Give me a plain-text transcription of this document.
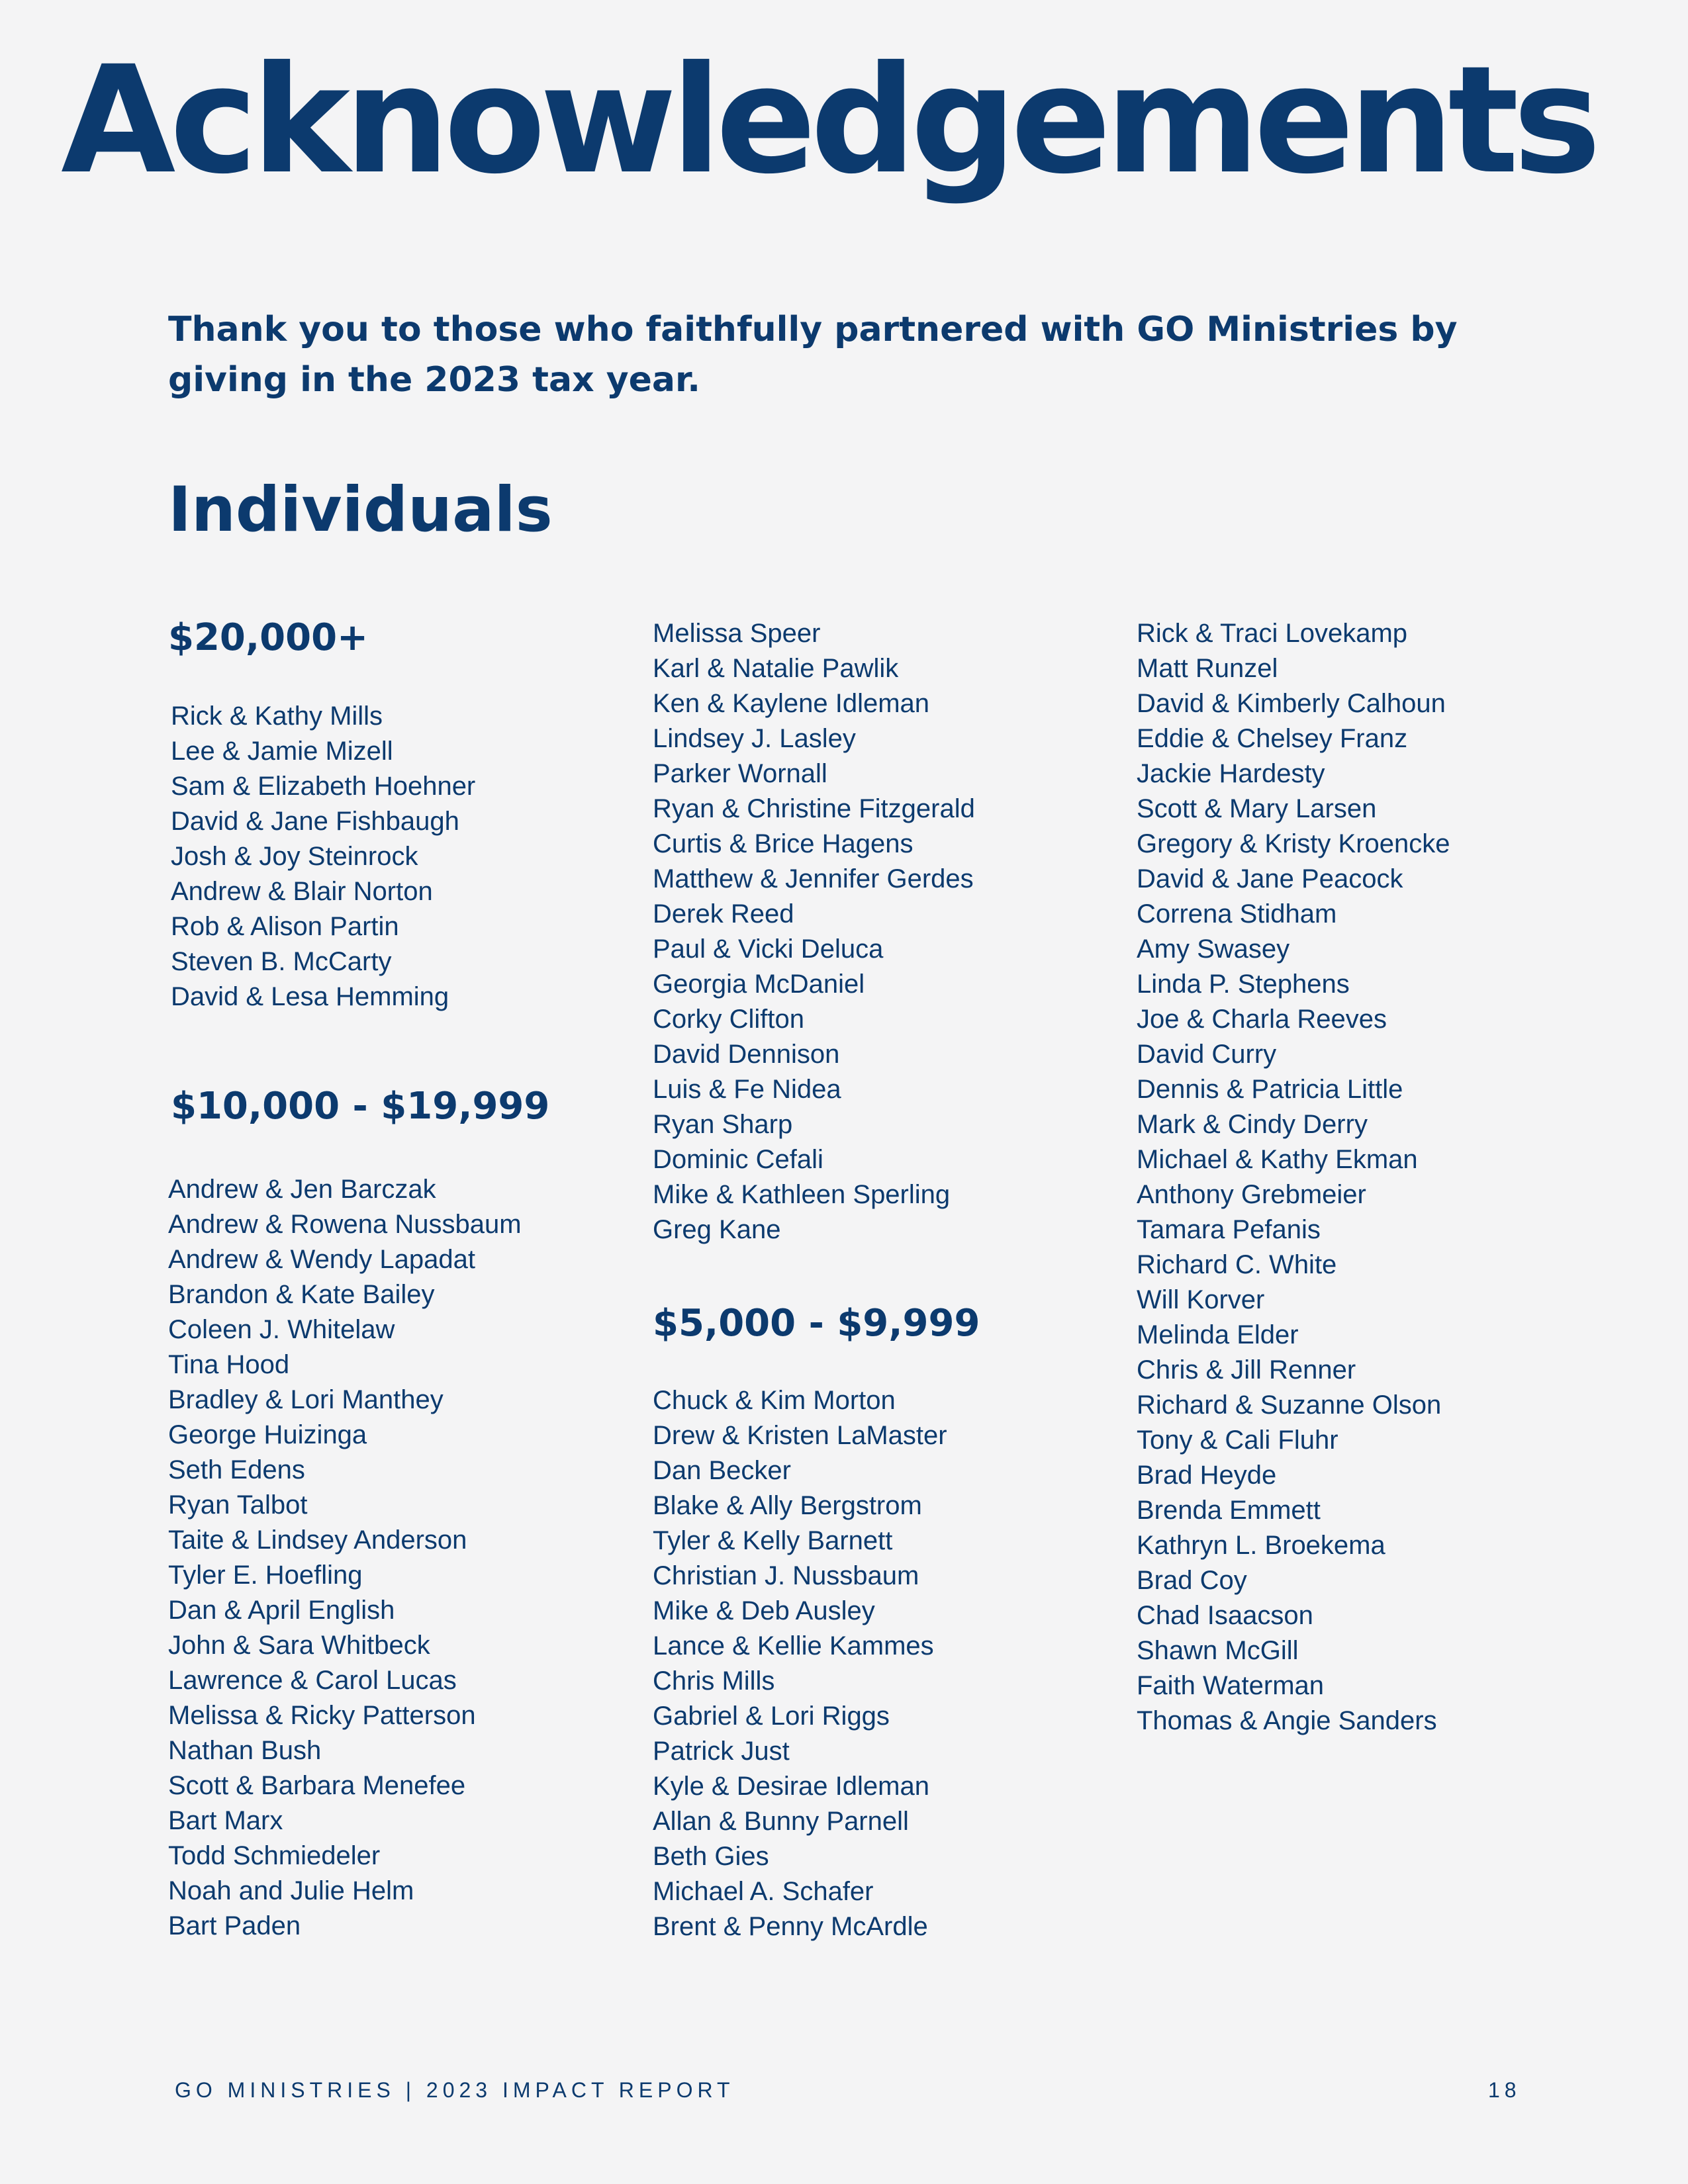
Acknowledgements

Thank you to those who faithfully partnered with GO Ministries by giving in the 2023 tax year.

Individuals
$20,000+
Rick & Kathy Mills
Lee & Jamie Mizell
Sam & Elizabeth Hoehner
David & Jane Fishbaugh
Josh & Joy Steinrock
Andrew & Blair Norton
Rob & Alison Partin
Steven B. McCarty
David & Lesa Hemming
$10,000 - $19,999
Andrew & Jen Barczak
Andrew & Rowena Nussbaum
Andrew & Wendy Lapadat
Brandon & Kate Bailey
Coleen J. Whitelaw
Tina Hood
Bradley & Lori Manthey
George Huizinga
Seth Edens
Ryan Talbot
Taite & Lindsey Anderson
Tyler E. Hoefling
Dan & April English
John & Sara Whitbeck
Lawrence & Carol Lucas
Melissa & Ricky Patterson
Nathan Bush
Scott & Barbara Menefee
Bart Marx
Todd Schmiedeler
Noah and Julie Helm
Bart Paden
Melissa Speer
Karl & Natalie Pawlik
Ken & Kaylene Idleman
Lindsey J. Lasley
Parker Wornall
Ryan & Christine Fitzgerald
Curtis & Brice Hagens
Matthew & Jennifer Gerdes
Derek Reed
Paul & Vicki Deluca
Georgia McDaniel
Corky Clifton
David Dennison
Luis & Fe Nidea
Ryan Sharp
Dominic Cefali
Mike & Kathleen Sperling
Greg Kane
$5,000 - $9,999
Chuck & Kim Morton
Drew & Kristen LaMaster
Dan Becker
Blake & Ally Bergstrom
Tyler & Kelly Barnett
Christian J. Nussbaum
Mike & Deb Ausley
Lance & Kellie Kammes
Chris Mills
Gabriel & Lori Riggs
Patrick Just
Kyle & Desirae Idleman
Allan & Bunny Parnell
Beth Gies
Michael A. Schafer
Brent & Penny McArdle
Rick & Traci Lovekamp
Matt Runzel
David & Kimberly Calhoun
Eddie & Chelsey Franz
Jackie Hardesty
Scott & Mary Larsen
Gregory & Kristy Kroencke
David & Jane Peacock
Correna Stidham
Amy Swasey
Linda P. Stephens
Joe & Charla Reeves
David Curry
Dennis & Patricia Little
Mark & Cindy Derry
Michael & Kathy Ekman
Anthony Grebmeier
Tamara Pefanis
Richard C. White
Will Korver
Melinda Elder
Chris & Jill Renner
Richard & Suzanne Olson
Tony & Cali Fluhr
Brad Heyde
Brenda Emmett
Kathryn L. Broekema
Brad Coy
Chad Isaacson
Shawn McGill
Faith Waterman
Thomas & Angie Sanders
GO MINISTRIES | 2023 IMPACT REPORT	18
